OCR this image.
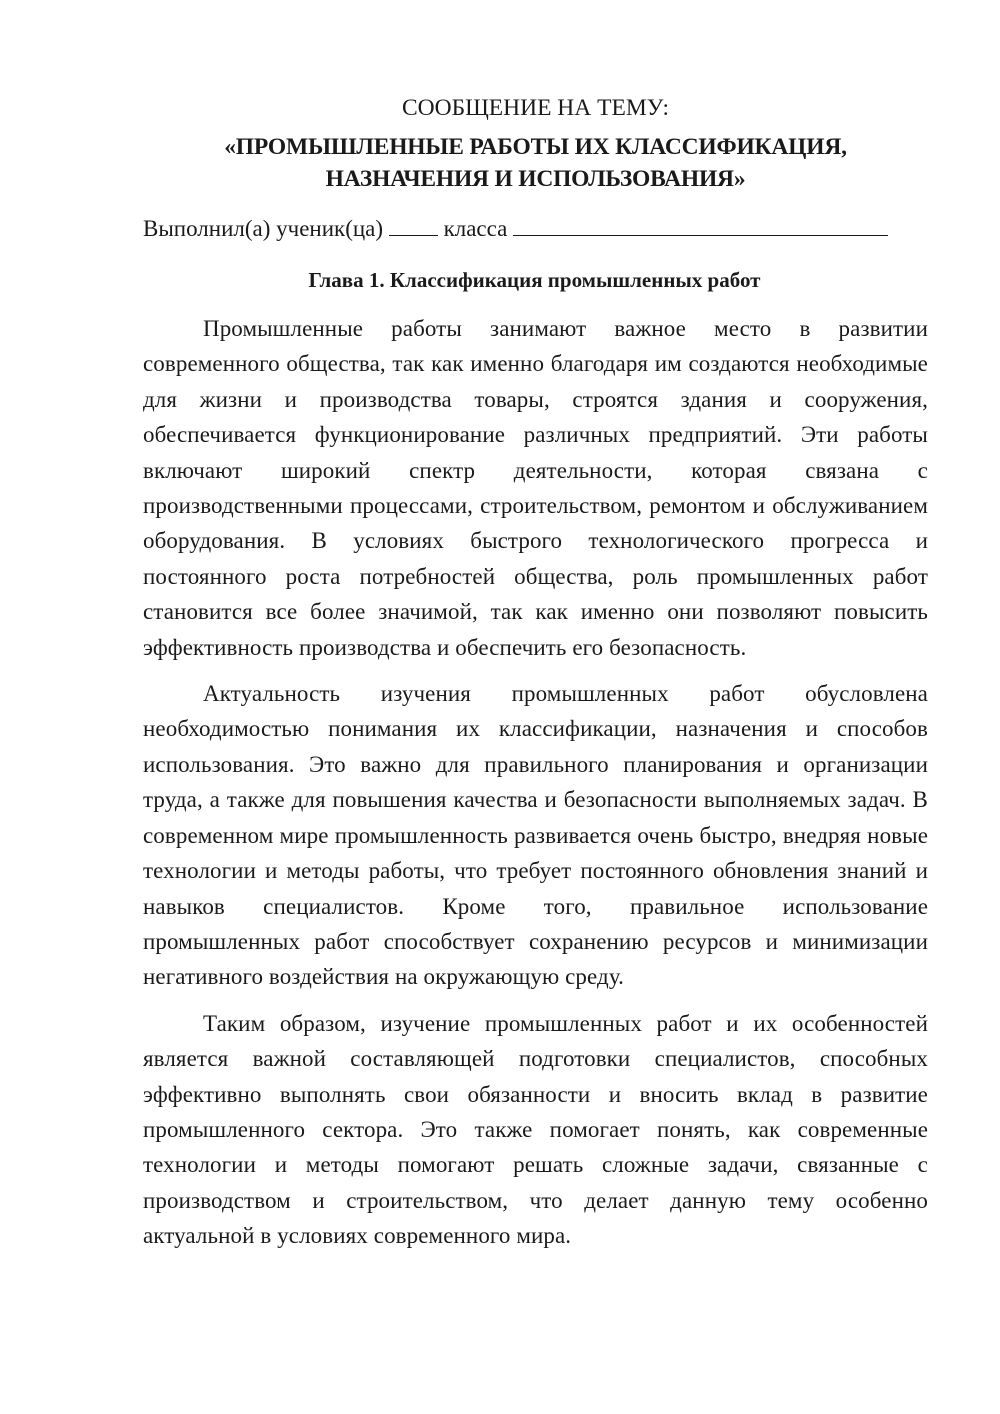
СООБЩЕНИЕ НА ТЕМУ:

«ПРОМЫШЛЕННЫЕ РАБОТЫ ИХ КЛАССИФИКАЦИЯ,

НАЗНАЧЕНИЯ И ИСПОЛЬЗОВАНИЯ»

Выполнил(а) ученик(ца)	класса
Глава 1. Классификация промышленных работ

Промышленные работы занимают важное место в развитии современного общества, так как именно благодаря им создаются необходимые для жизни и производства товары, строятся здания и сооружения, обеспечивается функционирование различных предприятий. Эти работы включают широкий спектр деятельности, которая связана с производственными процессами, строительством, ремонтом и обслуживанием оборудования. В условиях быстрого технологического прогресса и постоянного роста потребностей общества, роль промышленных работ становится все более значимой, так как именно они позволяют повысить эффективность производства и обеспечить его безопасность.

Актуальность изучения промышленных работ обусловлена необходимостью понимания их классификации, назначения и способов использования. Это важно для правильного планирования и организации труда, а также для повышения качества и безопасности выполняемых задач. В современном мире промышленность развивается очень быстро, внедряя новые технологии и методы работы, что требует постоянного обновления знаний и навыков специалистов. Кроме того, правильное использование промышленных работ способствует сохранению ресурсов и минимизации негативного воздействия на окружающую среду.

Таким образом, изучение промышленных работ и их особенностей является важной составляющей подготовки специалистов, способных эффективно выполнять свои обязанности и вносить вклад в развитие промышленного сектора. Это также помогает понять, как современные технологии и методы помогают решать сложные задачи, связанные с производством и строительством, что делает данную тему особенно актуальной в условиях современного мира.
